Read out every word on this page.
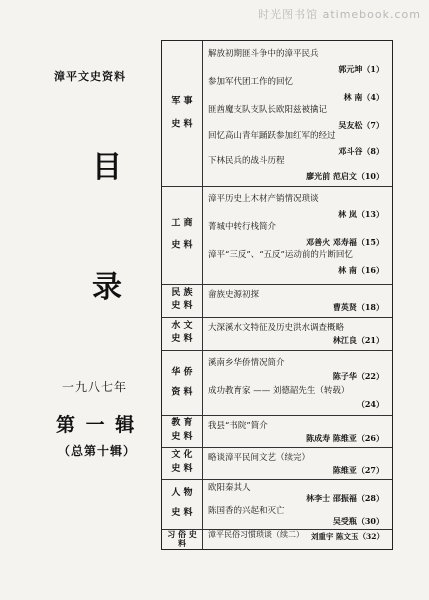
时光图书馆 atimebook.com
漳平文史资料
目
录
一九八七年
第 一 辑
（总第十辑）
军 事 史 料
解放初期匪斗争中的漳平民兵
郭元坤（1）
参加军代团工作的回忆
林 南（4）
匪酋魔支队支队长欧阳兹被擒记
吴友松（7）
回忆高山青年踊跃参加红军的经过
邓斗谷（8）
下林民兵的战斗历程
廖光前 范启文（10）
工 商 史 料
漳平历史上木材产销情况琐谈
林 岚（13）
菁城中转行栈简介
邓善火 邓寿福（15）
漳平“三反”、“五反”运动前的片断回忆
林 南（16）
民 族 史 料
畲族史源初探
曹英贤（18）
水 文 史 料
大深溪水文特征及历史洪水调查概略
林江良（21）
华 侨 资 料
溪南乡华侨情况简介
陈子华（22）
成功教育家 —— 刘德韶先生（转载）
（24）
教 育 史 料
我县“书院”简介
陈成寿 陈维亚（26）
文 化 史 料
略谈漳平民间文艺（续完）
陈维亚（27）
人 物 史 料
欧阳秦其人
林李士 邵振福（28）
陈国香的兴起和灭亡
吴受瓶（30）
习 俗 史 料
漳平民俗习惯琐谈（续二） 刘重宇 陈文玉（32）
